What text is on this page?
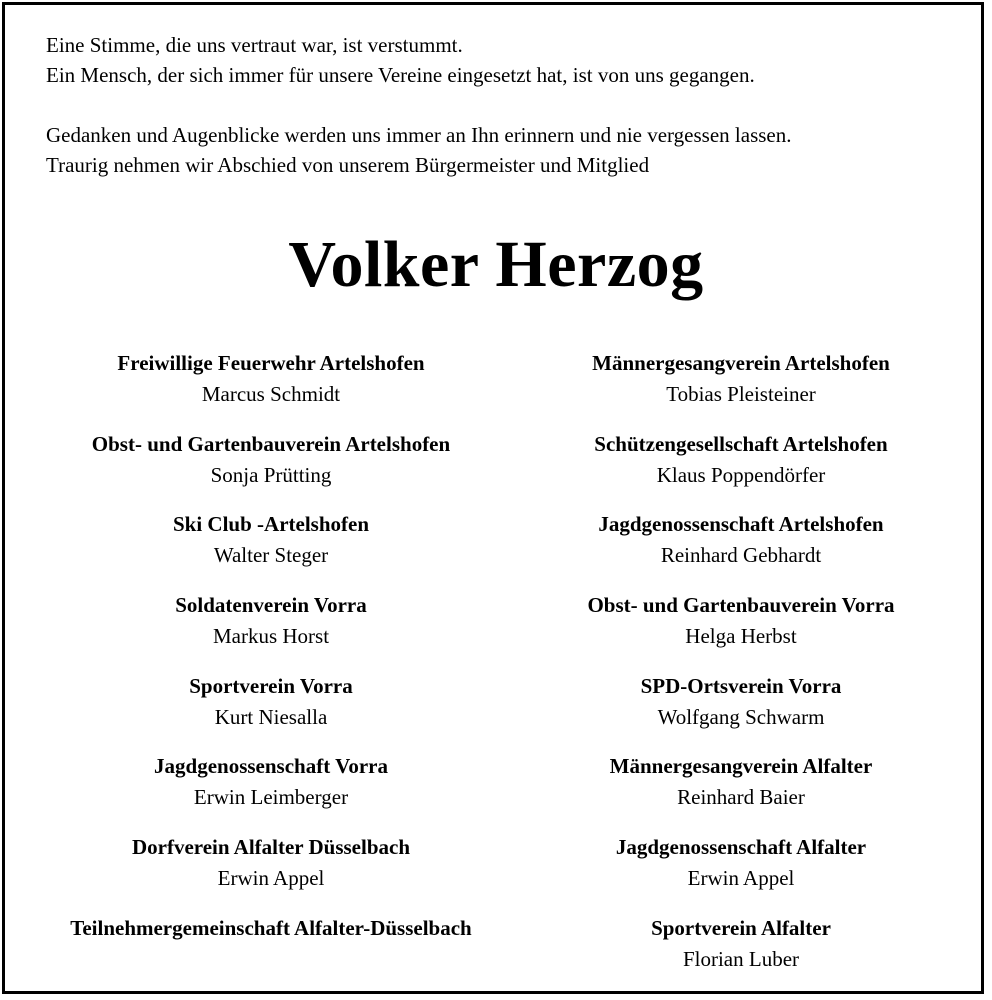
Eine Stimme, die uns vertraut war, ist verstummt.

Ein Mensch, der sich immer für unsere Vereine eingesetzt hat, ist von uns gegangen.

Gedanken und Augenblicke werden uns immer an Ihn erinnern und nie vergessen lassen.

Traurig nehmen wir Abschied von unserem Bürgermeister und Mitglied

Volker Herzog
Freiwillige Feuerwehr Artelshofen
Marcus Schmidt
Obst- und Gartenbauverein Artelshofen
Sonja Prütting
Ski Club -Artelshofen
Walter Steger
Soldatenverein Vorra
Markus Horst
Sportverein Vorra
Kurt Niesalla
Jagdgenossenschaft Vorra
Erwin Leimberger
Dorfverein Alfalter Düsselbach
Erwin Appel
Teilnehmergemeinschaft Alfalter-Düsselbach
Männergesangverein Artelshofen
Tobias Pleisteiner
Schützengesellschaft Artelshofen
Klaus Poppendörfer
Jagdgenossenschaft Artelshofen
Reinhard Gebhardt
Obst- und Gartenbauverein Vorra
Helga Herbst
SPD-Ortsverein Vorra
Wolfgang Schwarm
Männergesangverein Alfalter
Reinhard Baier
Jagdgenossenschaft Alfalter
Erwin Appel
Sportverein Alfalter
Florian Luber
